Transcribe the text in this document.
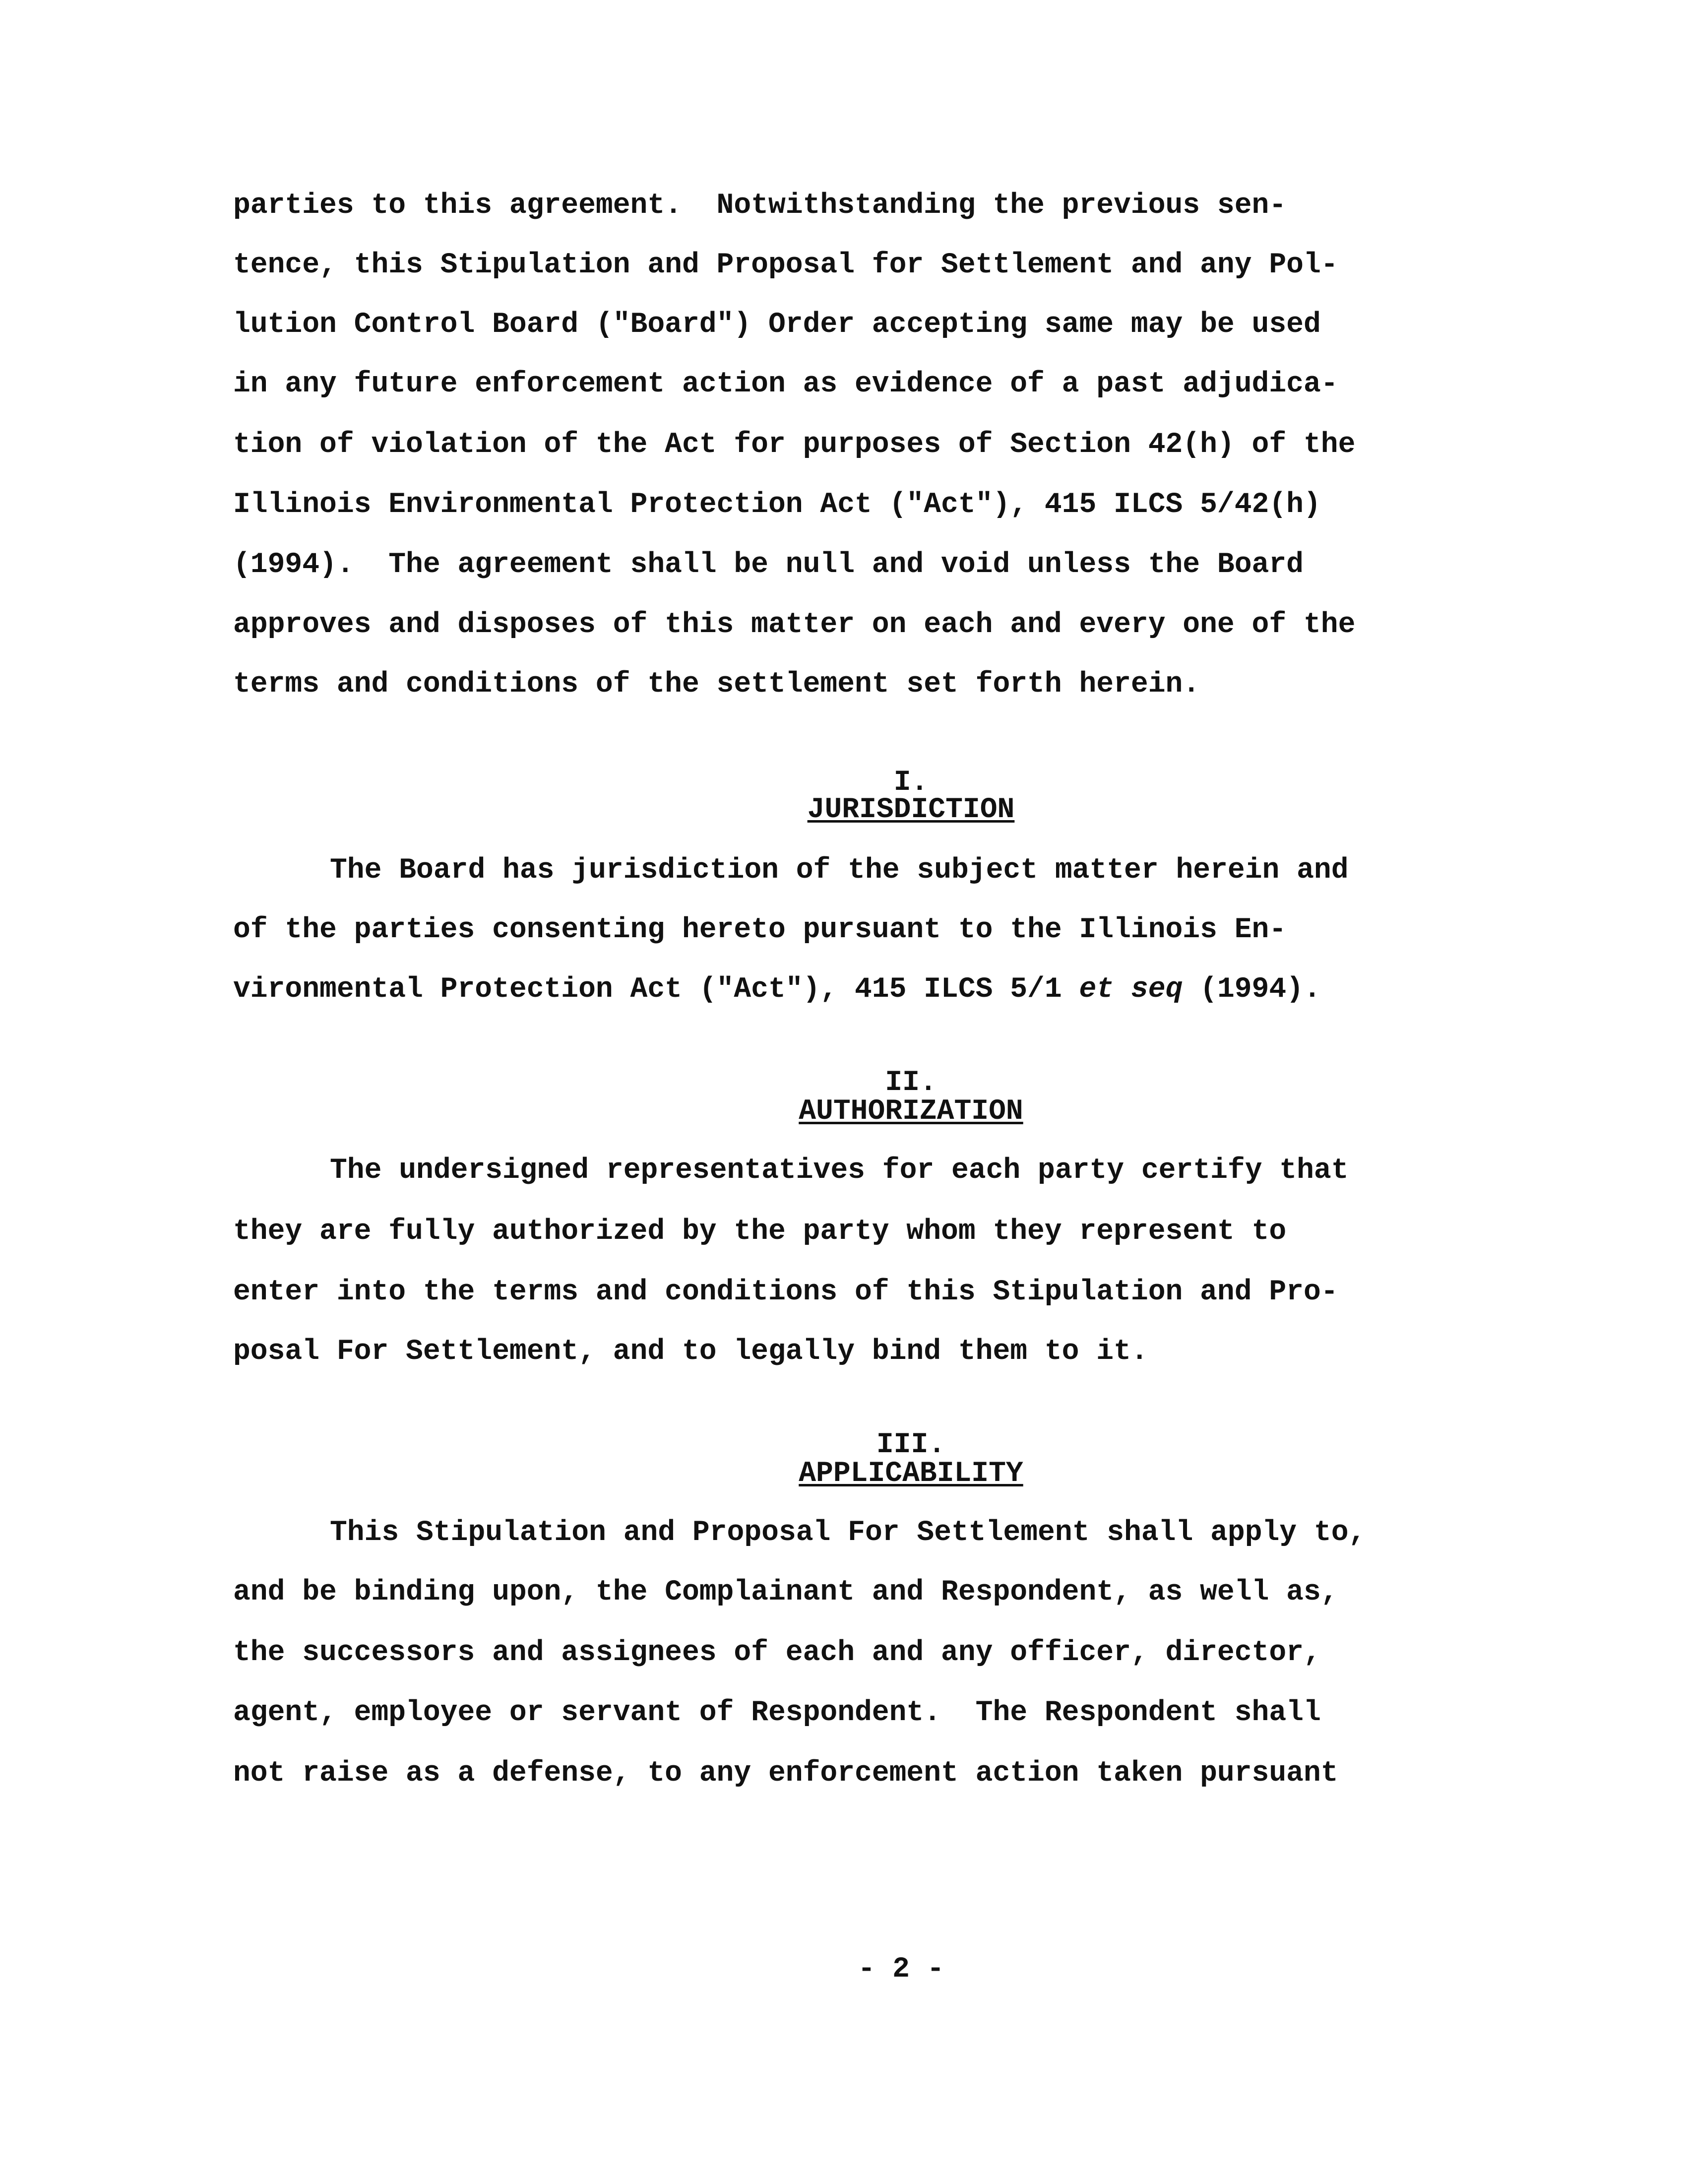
parties to this agreement.  Notwithstanding the previous sen-

tence, this Stipulation and Proposal for Settlement and any Pol-

lution Control Board ("Board") Order accepting same may be used

in any future enforcement action as evidence of a past adjudica-

tion of violation of the Act for purposes of Section 42(h) of the

Illinois Environmental Protection Act ("Act"), 415 ILCS 5/42(h)

(1994).  The agreement shall be null and void unless the Board

approves and disposes of this matter on each and every one of the

terms and conditions of the settlement set forth herein.

I.

JURISDICTION

The Board has jurisdiction of the subject matter herein and

of the parties consenting hereto pursuant to the Illinois En-

vironmental Protection Act ("Act"), 415 ILCS 5/1 et seq (1994).

II.

AUTHORIZATION

The undersigned representatives for each party certify that

they are fully authorized by the party whom they represent to

enter into the terms and conditions of this Stipulation and Pro-

posal For Settlement, and to legally bind them to it.

III.

APPLICABILITY

This Stipulation and Proposal For Settlement shall apply to,

and be binding upon, the Complainant and Respondent, as well as,

the successors and assignees of each and any officer, director,

agent, employee or servant of Respondent.  The Respondent shall

not raise as a defense, to any enforcement action taken pursuant

- 2 -
